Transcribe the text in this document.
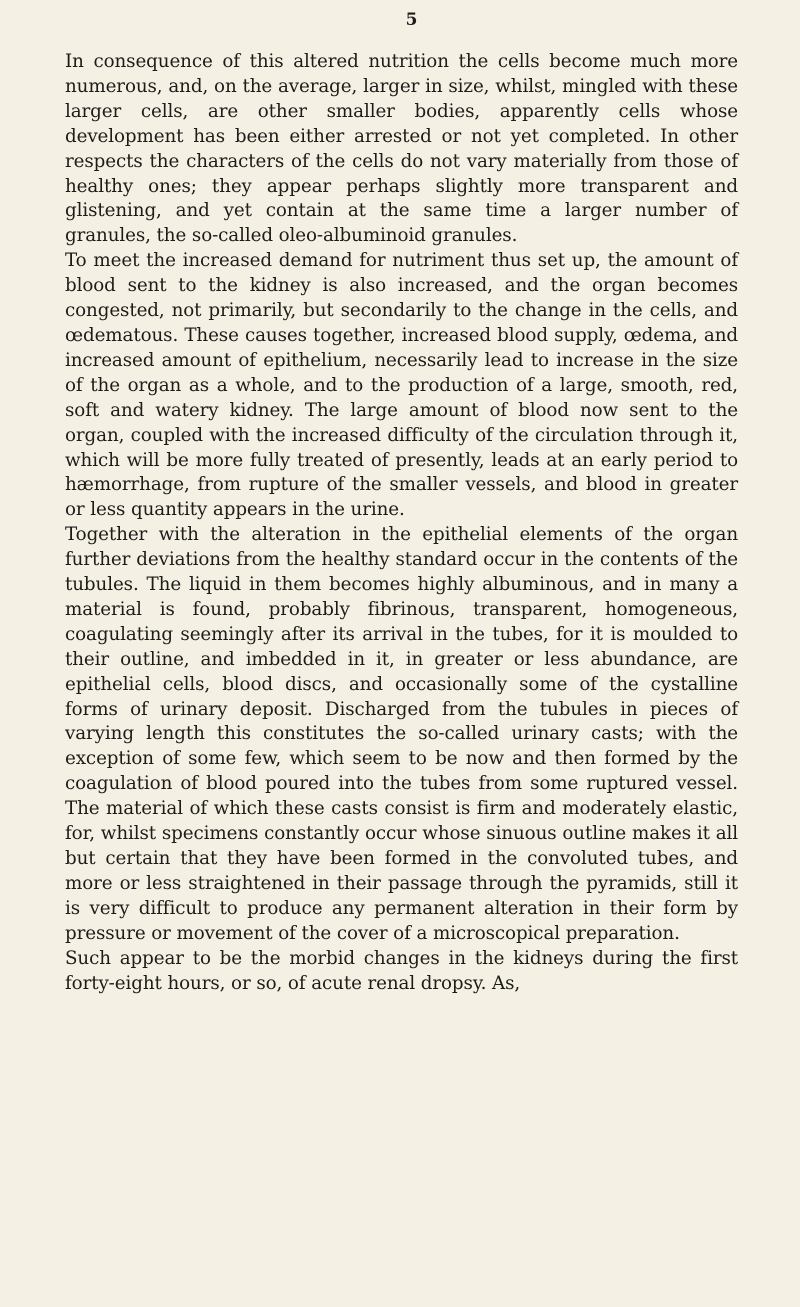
5

In consequence of this altered nutrition the cells become much more numerous, and, on the average, larger in size, whilst, mingled with these larger cells, are other smaller bodies, apparently cells whose development has been either arrested or not yet completed. In other respects the characters of the cells do not vary materially from those of healthy ones; they appear perhaps slightly more transparent and glistening, and yet contain at the same time a larger number of granules, the so-called oleo-albuminoid granules.

To meet the increased demand for nutriment thus set up, the amount of blood sent to the kidney is also increased, and the organ becomes congested, not primarily, but secondarily to the change in the cells, and œdematous. These causes together, increased blood supply, œdema, and increased amount of epithelium, necessarily lead to increase in the size of the organ as a whole, and to the production of a large, smooth, red, soft and watery kidney. The large amount of blood now sent to the organ, coupled with the increased difficulty of the circulation through it, which will be more fully treated of presently, leads at an early period to hæmorrhage, from rupture of the smaller vessels, and blood in greater or less quantity appears in the urine.

Together with the alteration in the epithelial elements of the organ further deviations from the healthy standard occur in the contents of the tubules. The liquid in them becomes highly albuminous, and in many a material is found, probably fibrinous, transparent, homogeneous, coagulating seemingly after its arrival in the tubes, for it is moulded to their outline, and imbedded in it, in greater or less abundance, are epithelial cells, blood discs, and occasionally some of the cystalline forms of urinary deposit. Discharged from the tubules in pieces of varying length this constitutes the so-called urinary casts; with the exception of some few, which seem to be now and then formed by the coagulation of blood poured into the tubes from some ruptured vessel. The material of which these casts consist is firm and moderately elastic, for, whilst specimens constantly occur whose sinuous outline makes it all but certain that they have been formed in the convoluted tubes, and more or less straightened in their passage through the pyramids, still it is very difficult to produce any permanent alteration in their form by pressure or movement of the cover of a microscopical preparation.

Such appear to be the morbid changes in the kidneys during the first forty-eight hours, or so, of acute renal dropsy. As,
